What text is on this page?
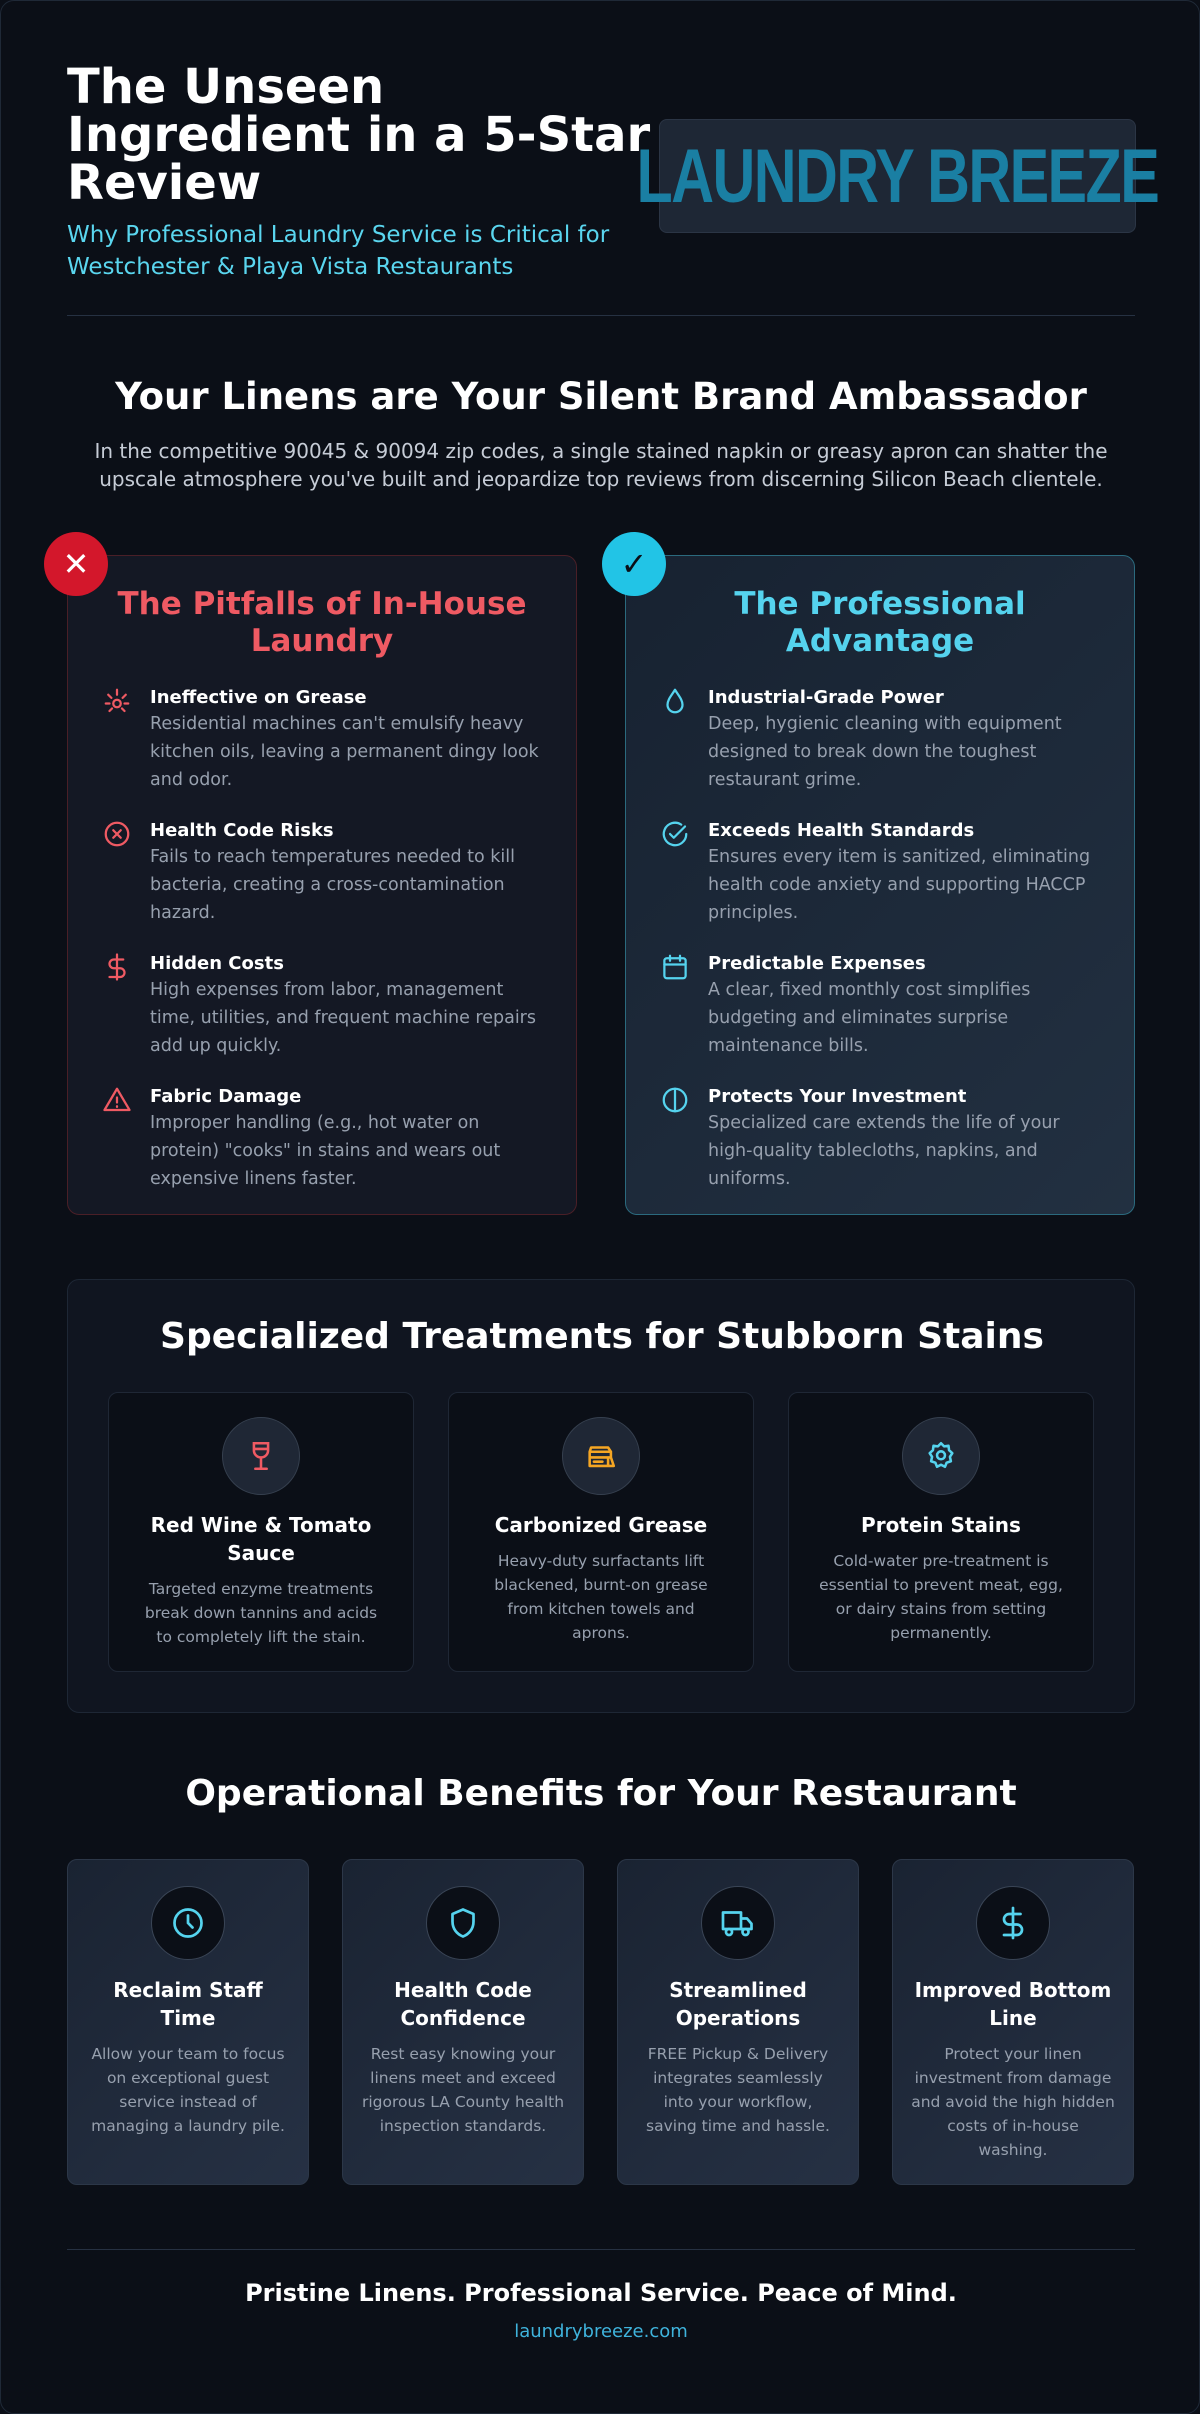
The Unseen Ingredient in a 5-Star Review
Why Professional Laundry Service is Critical for Westchester & Playa Vista Restaurants
LAUNDRY BREEZE
Your Linens are Your Silent Brand Ambassador

In the competitive 90045 & 90094 zip codes, a single stained napkin or greasy apron can shatter the upscale atmosphere you've built and jeopardize top reviews from discerning Silicon Beach clientele.

✕
The Pitfalls of In-House Laundry
Ineffective on Grease
Residential machines can't emulsify heavy kitchen oils, leaving a permanent dingy look and odor.
Health Code Risks
Fails to reach temperatures needed to kill bacteria, creating a cross-contamination hazard.
Hidden Costs
High expenses from labor, management time, utilities, and frequent machine repairs add up quickly.
Fabric Damage
Improper handling (e.g., hot water on protein) "cooks" in stains and wears out expensive linens faster.
✓
The Professional Advantage
Industrial-Grade Power
Deep, hygienic cleaning with equipment designed to break down the toughest restaurant grime.
Exceeds Health Standards
Ensures every item is sanitized, eliminating health code anxiety and supporting HACCP principles.
Predictable Expenses
A clear, fixed monthly cost simplifies budgeting and eliminates surprise maintenance bills.
Protects Your Investment
Specialized care extends the life of your high-quality tablecloths, napkins, and uniforms.
Specialized Treatments for Stubborn Stains
Red Wine & Tomato Sauce
Targeted enzyme treatments break down tannins and acids to completely lift the stain.
Carbonized Grease
Heavy-duty surfactants lift blackened, burnt-on grease from kitchen towels and aprons.
Protein Stains
Cold-water pre-treatment is essential to prevent meat, egg, or dairy stains from setting permanently.
Operational Benefits for Your Restaurant
Reclaim Staff Time
Allow your team to focus on exceptional guest service instead of managing a laundry pile.
Health Code Confidence
Rest easy knowing your linens meet and exceed rigorous LA County health inspection standards.
Streamlined Operations
FREE Pickup & Delivery integrates seamlessly into your workflow, saving time and hassle.
Improved Bottom Line
Protect your linen investment from damage and avoid the high hidden costs of in-house washing.
Pristine Linens. Professional Service. Peace of Mind.
laundrybreeze.com
